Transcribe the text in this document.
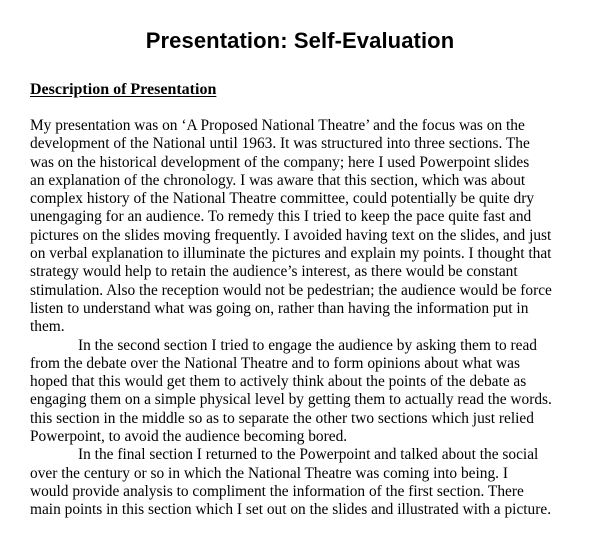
Presentation: Self-Evaluation
Description of Presentation
My presentation was on ‘A Proposed National Theatre’ and the focus was on the
development of the National until 1963. It was structured into three sections. The
was on the historical development of the company; here I used Powerpoint slides
an explanation of the chronology. I was aware that this section, which was about
complex history of the National Theatre committee, could potentially be quite dry
unengaging for an audience. To remedy this I tried to keep the pace quite fast and
pictures on the slides moving frequently. I avoided having text on the slides, and just
on verbal explanation to illuminate the pictures and explain my points. I thought that
strategy would help to retain the audience’s interest, as there would be constant
stimulation. Also the reception would not be pedestrian; the audience would be force
listen to understand what was going on, rather than having the information put in
them.
In the second section I tried to engage the audience by asking them to read
from the debate over the National Theatre and to form opinions about what was
hoped that this would get them to actively think about the points of the debate as
engaging them on a simple physical level by getting them to actually read the words.
this section in the middle so as to separate the other two sections which just relied
Powerpoint, to avoid the audience becoming bored.
In the final section I returned to the Powerpoint and talked about the social
over the century or so in which the National Theatre was coming into being. I
would provide analysis to compliment the information of the first section. There
main points in this section which I set out on the slides and illustrated with a picture.
